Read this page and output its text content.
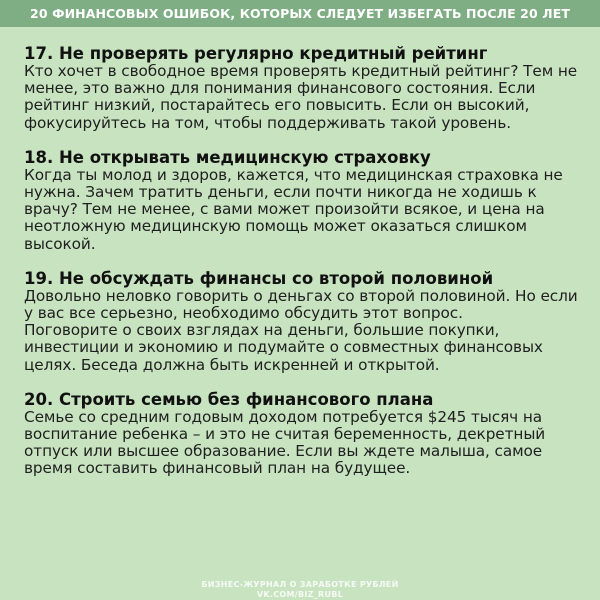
20 ФИНАНСОВЫХ ОШИБОК, КОТОРЫХ СЛЕДУЕТ ИЗБЕГАТЬ ПОСЛЕ 20 ЛЕТ
17. Не проверять регулярно кредитный рейтинг
Кто хочет в свободное время проверять кредитный рейтинг? Тем не менее, это важно для понимания финансового состояния. Если рейтинг низкий, постарайтесь его повысить. Если он высокий, фокусируйтесь на том, чтобы поддерживать такой уровень.
18. Не открывать медицинскую страховку
Когда ты молод и здоров, кажется, что медицинская страховка не нужна. Зачем тратить деньги, если почти никогда не ходишь к врачу? Тем не менее, с вами может произойти всякое, и цена на неотложную медицинскую помощь может оказаться слишком высокой.
19. Не обсуждать финансы со второй половиной
Довольно неловко говорить о деньгах со второй половиной. Но если у вас все серьезно, необходимо обсудить этот вопрос.
Поговорите о своих взглядах на деньги, большие покупки, инвестиции и экономию и подумайте о совместных финансовых целях. Беседа должна быть искренней и открытой.
20. Строить семью без финансового плана
Семье со средним годовым доходом потребуется $245 тысяч на воспитание ребенка – и это не считая беременность, декретный отпуск или высшее образование. Если вы ждете малыша, самое время составить финансовый план на будущее.
БИЗНЕС-ЖУРНАЛ О ЗАРАБОТКЕ РУБЛЕЙ
VK.COM/BIZ_RUBL
